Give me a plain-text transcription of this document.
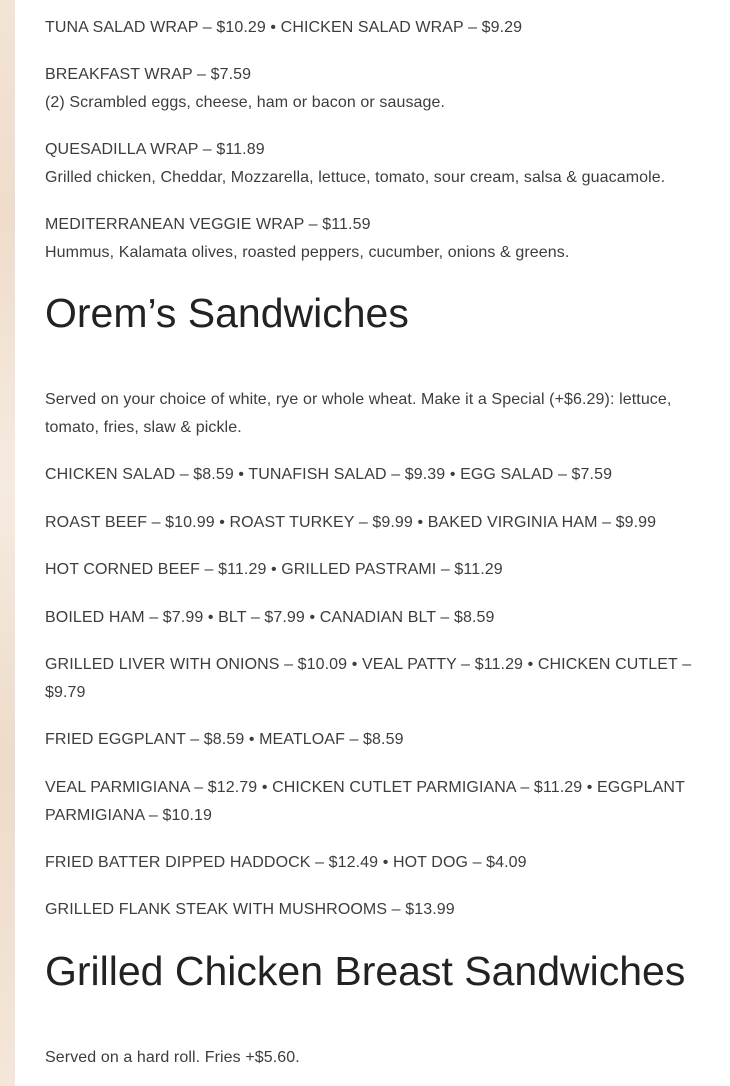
TUNA SALAD WRAP – $10.29 • CHICKEN SALAD WRAP – $9.29
BREAKFAST WRAP – $7.59
(2) Scrambled eggs, cheese, ham or bacon or sausage.
QUESADILLA WRAP – $11.89
Grilled chicken, Cheddar, Mozzarella, lettuce, tomato, sour cream, salsa & guacamole.
MEDITERRANEAN VEGGIE WRAP – $11.59
Hummus, Kalamata olives, roasted peppers, cucumber, onions & greens.
Orem’s Sandwiches
Served on your choice of white, rye or whole wheat. Make it a Special (+$6.29): lettuce, tomato, fries, slaw & pickle.
CHICKEN SALAD – $8.59 • TUNAFISH SALAD – $9.39 • EGG SALAD – $7.59
ROAST BEEF – $10.99 • ROAST TURKEY – $9.99 • BAKED VIRGINIA HAM – $9.99
HOT CORNED BEEF – $11.29 • GRILLED PASTRAMI – $11.29
BOILED HAM – $7.99 • BLT – $7.99 • CANADIAN BLT – $8.59
GRILLED LIVER WITH ONIONS – $10.09 • VEAL PATTY – $11.29 • CHICKEN CUTLET – $9.79
FRIED EGGPLANT – $8.59 • MEATLOAF – $8.59
VEAL PARMIGIANA – $12.79 • CHICKEN CUTLET PARMIGIANA – $11.29 • EGGPLANT PARMIGIANA – $10.19
FRIED BATTER DIPPED HADDOCK – $12.49 • HOT DOG – $4.09
GRILLED FLANK STEAK WITH MUSHROOMS – $13.99
Grilled Chicken Breast Sandwiches
Served on a hard roll. Fries +$5.60.
